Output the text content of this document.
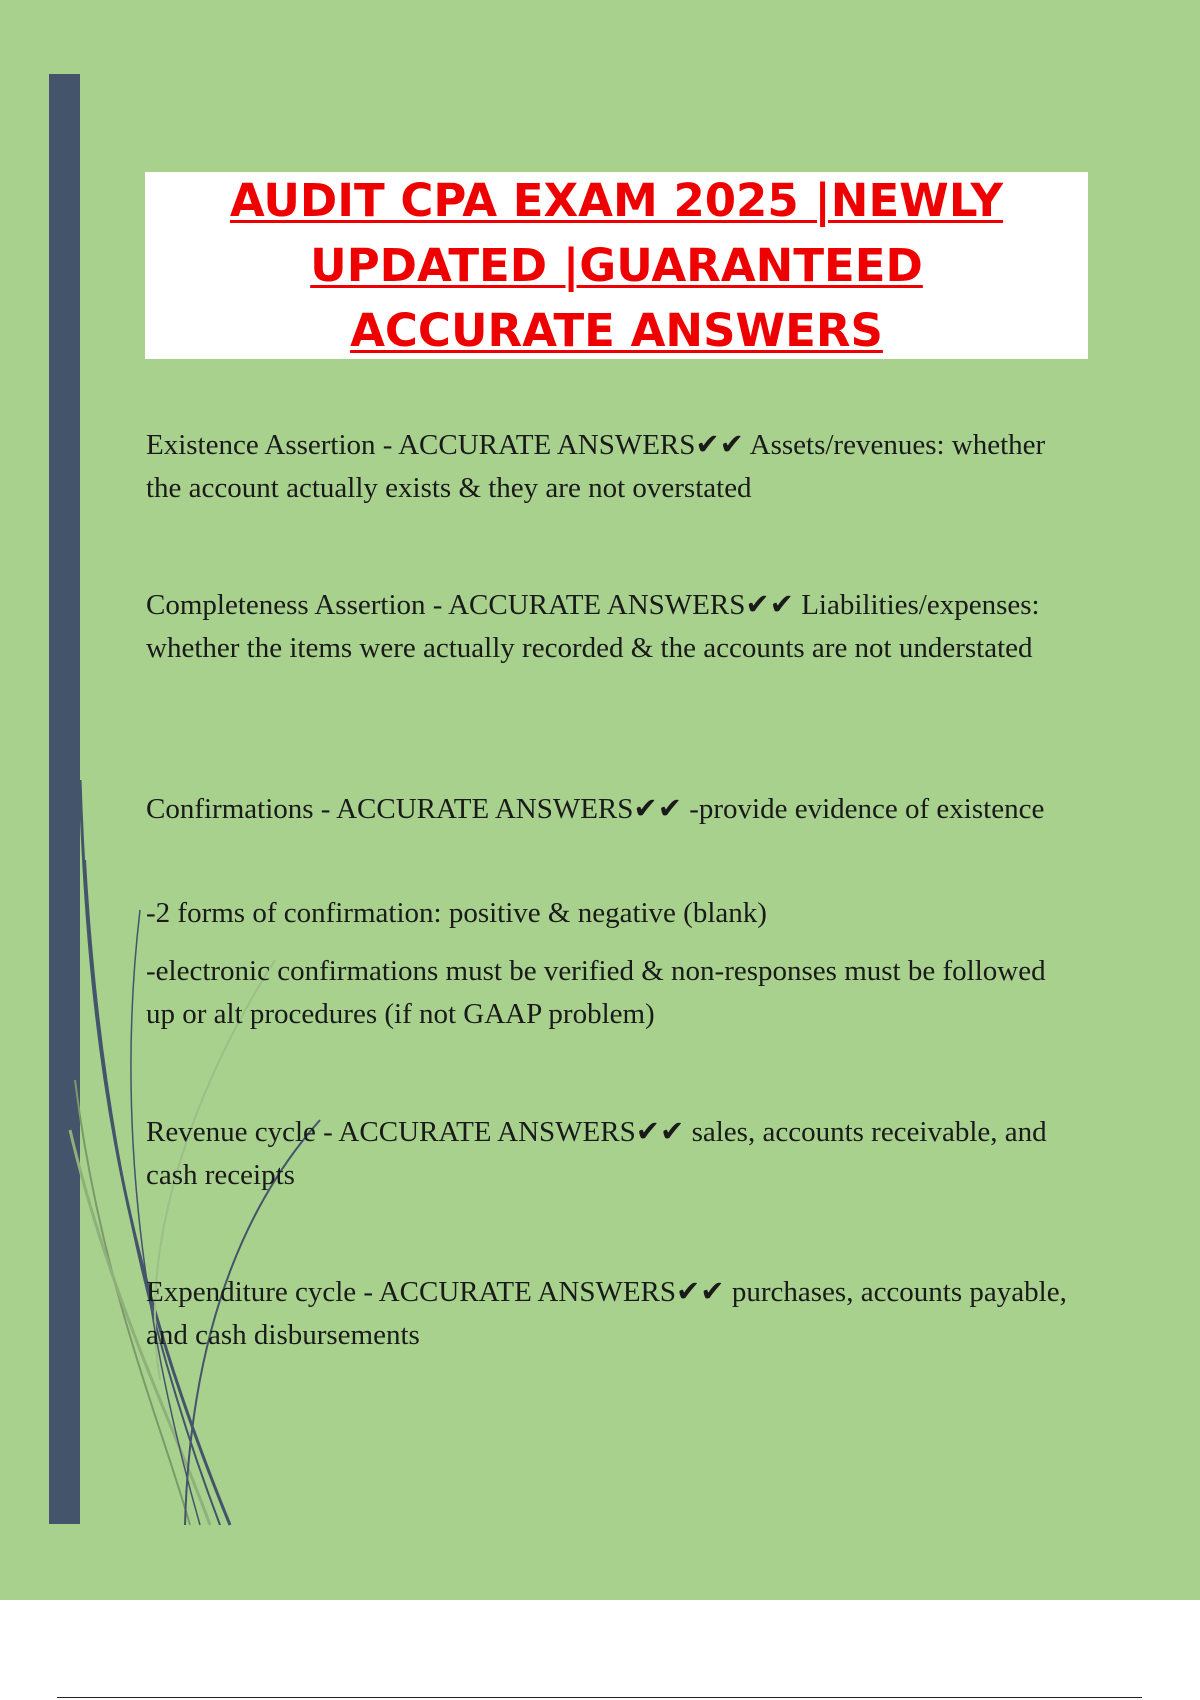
AUDIT CPA EXAM 2025 |NEWLY UPDATED |GUARANTEED ACCURATE ANSWERS

Existence Assertion - ACCURATE ANSWERS✔✔ Assets/revenues: whether the account actually exists & they are not overstated

Completeness Assertion - ACCURATE ANSWERS✔✔ Liabilities/expenses: whether the items were actually recorded & the accounts are not understated

Confirmations - ACCURATE ANSWERS✔✔ -provide evidence of existence

-2 forms of confirmation: positive & negative (blank)

-electronic confirmations must be verified & non-responses must be followed up or alt procedures (if not GAAP problem)

Revenue cycle - ACCURATE ANSWERS✔✔ sales, accounts receivable, and cash receipts

Expenditure cycle - ACCURATE ANSWERS✔✔ purchases, accounts payable, and cash disbursements
